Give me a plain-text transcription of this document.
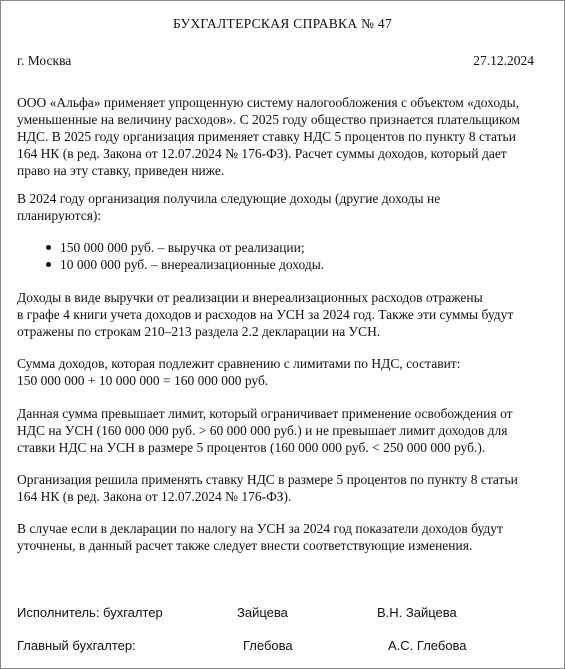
БУХГАЛТЕРСКАЯ СПРАВКА № 47
г. Москва	27.12.2024
ООО «Альфа» применяет упрощенную систему налогообложения с объектом «доходы,
уменьшенные на величину расходов». С 2025 году общество признается плательщиком
НДС. В 2025 году организация применяет ставку НДС 5 процентов по пункту 8 статьи
164 НК (в ред. Закона от 12.07.2024 № 176-ФЗ). Расчет суммы доходов, который дает
право на эту ставку, приведен ниже.
В 2024 году организация получила следующие доходы (другие доходы не
планируются):
150 000 000 руб. – выручка от реализации;
10 000 000 руб. – внереализационные доходы.
Доходы в виде выручки от реализации и внереализационных расходов отражены
в графе 4 книги учета доходов и расходов на УСН за 2024 год. Также эти суммы будут
отражены по строкам 210–213 раздела 2.2 декларации на УСН.
Сумма доходов, которая подлежит сравнению с лимитами по НДС, составит:
150 000 000 + 10 000 000 = 160 000 000 руб.
Данная сумма превышает лимит, который ограничивает применение освобождения от
НДС на УСН (160 000 000 руб. > 60 000 000 руб.) и не превышает лимит доходов для
ставки НДС на УСН в размере 5 процентов (160 000 000 руб. < 250 000 000 руб.).
Организация решила применять ставку НДС в размере 5 процентов по пункту 8 статьи
164 НК (в ред. Закона от 12.07.2024 № 176-ФЗ).
В случае если в декларации по налогу на УСН за 2024 год показатели доходов будут
уточнены, в данный расчет также следует внести соответствующие изменения.
Исполнитель: бухгалтер	Зайцева	В.Н. Зайцева
Главный бухгалтер:	Глебова	А.С. Глебова
